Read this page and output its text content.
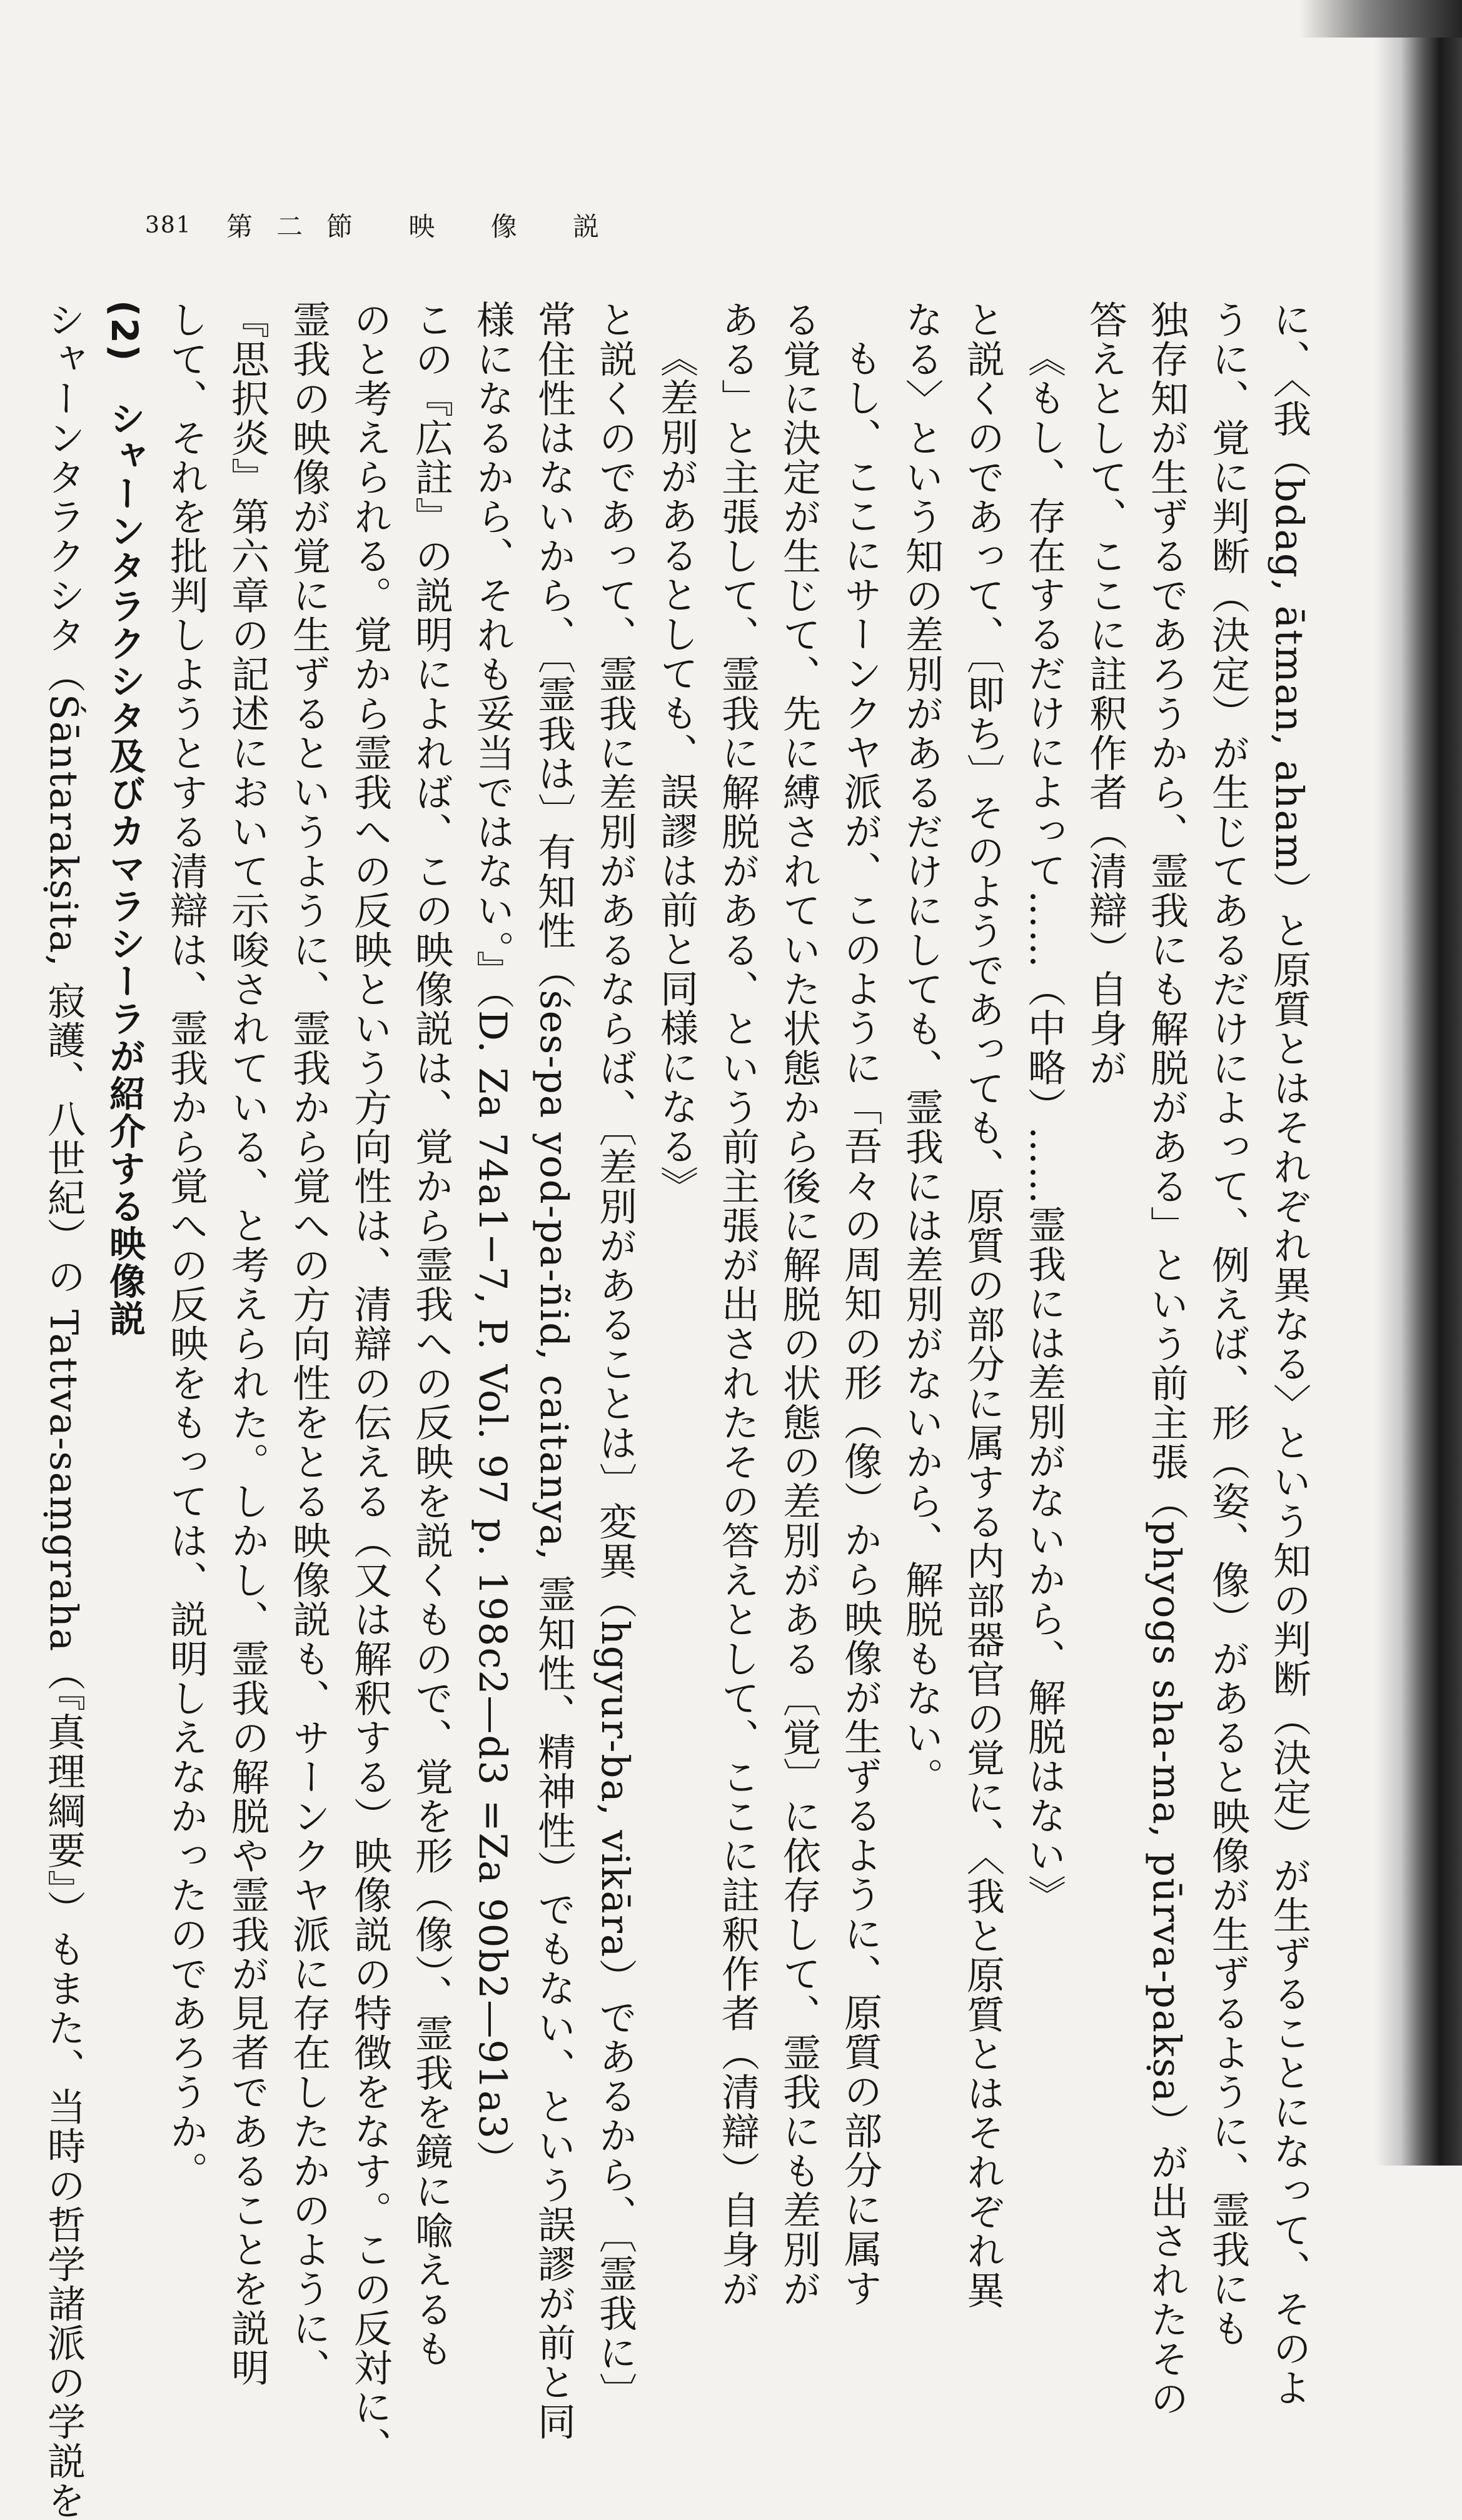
381 第二節 映 像 説

に、〈我（bdag, ātman, aham）と原質とはそれぞれ異なる〉という知の判断（決定）が生ずることになって、そのよ

うに、覚に判断（決定）が生じてあるだけによって、例えば、形（姿、像）があると映像が生ずるように、霊我にも

独存知が生ずるであろうから、霊我にも解脱がある」という前主張（phyogs sha-ma, pūrva-pakṣa）が出されたその

答えとして、ここに註釈作者（清辯）自身が

《もし、存在するだけによって……（中略）……霊我には差別がないから、解脱はない》

と説くのであって、〔即ち〕そのようであっても、原質の部分に属する内部器官の覚に、〈我と原質とはそれぞれ異

なる〉という知の差別があるだけにしても、霊我には差別がないから、解脱もない。

もし、ここにサーンクヤ派が、このように「吾々の周知の形（像）から映像が生ずるように、原質の部分に属す

る覚に決定が生じて、先に縛されていた状態から後に解脱の状態の差別がある〔覚〕に依存して、霊我にも差別が

ある」と主張して、霊我に解脱がある、という前主張が出されたその答えとして、ここに註釈作者（清辯）自身が

《差別があるとしても、誤謬は前と同様になる》

と説くのであって、霊我に差別があるならば、〔差別があることは〕変異（hgyur-ba, vikāra）であるから、〔霊我に〕

常住性はないから、〔霊我は〕有知性（śes-pa yod-pa-ñid, caitanya, 霊知性、精神性）でもない、という誤謬が前と同

様になるから、それも妥当ではない。』（D. Za 74a1−7, P. Vol. 97 p. 198c2—d3 =Za 90b2—91a3）

この『広註』の説明によれば、この映像説は、覚から霊我への反映を説くもので、覚を形（像）、霊我を鏡に喩えるも

のと考えられる。覚から霊我への反映という方向性は、清辯の伝える（又は解釈する）映像説の特徴をなす。この反対に、

霊我の映像が覚に生ずるというように、霊我から覚への方向性をとる映像説も、サーンクヤ派に存在したかのように、

『思択炎』第六章の記述において示唆されている、と考えられた。しかし、霊我の解脱や霊我が見者であることを説明

して、それを批判しようとする清辯は、霊我から覚への反映をもっては、説明しえなかったのであろうか。

(2)　シャーンタラクシタ及びカマラシーラが紹介する映像説

シャーンタラクシタ（Śāntarakṣita, 寂護、八世紀）の Tattva-saṃgraha（『真理綱要』）もまた、当時の哲学諸派の学説を
